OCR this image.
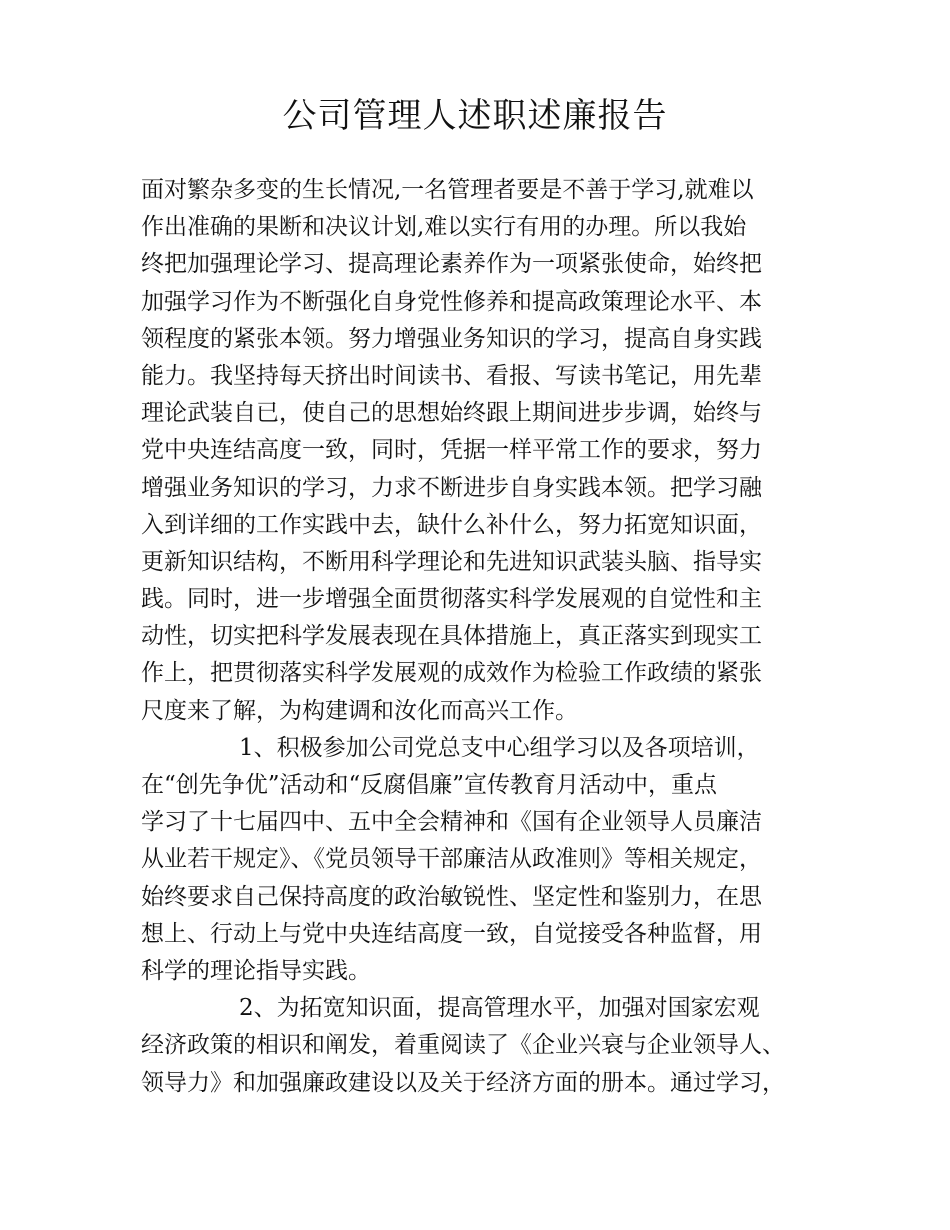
公司管理人述职述廉报告
面对繁杂多变的生长情况,一名管理者要是不善于学习,就难以
作出准确的果断和决议计划,难以实行有用的办理。所以我始
终把加强理论学习、提高理论素养作为一项紧张使命，始终把
加强学习作为不断强化自身党性修养和提高政策理论水平、本
领程度的紧张本领。努力增强业务知识的学习，提高自身实践
能力。我坚持每天挤出时间读书、看报、写读书笔记，用先辈
理论武装自已，使自己的思想始终跟上期间进步步调，始终与
党中央连结高度一致，同时，凭据一样平常工作的要求，努力
增强业务知识的学习，力求不断进步自身实践本领。把学习融
入到详细的工作实践中去，缺什么补什么，努力拓宽知识面，
更新知识结构，不断用科学理论和先进知识武装头脑、指导实
践。同时，进一步增强全面贯彻落实科学发展观的自觉性和主
动性，切实把科学发展表现在具体措施上，真正落实到现实工
作上，把贯彻落实科学发展观的成效作为检验工作政绩的紧张
尺度来了解，为构建调和汝化而高兴工作。
1、积极参加公司党总支中心组学习以及各项培训，
在“创先争优”活动和“反腐倡廉”宣传教育月活动中，重点
学习了十七届四中、五中全会精神和《国有企业领导人员廉洁
从业若干规定》、《党员领导干部廉洁从政准则》等相关规定，
始终要求自己保持高度的政治敏锐性、坚定性和鉴别力，在思
想上、行动上与党中央连结高度一致，自觉接受各种监督，用
科学的理论指导实践。
2、为拓宽知识面，提高管理水平，加强对国家宏观
经济政策的相识和阐发，着重阅读了《企业兴衰与企业领导人、
领导力》和加强廉政建设以及关于经济方面的册本。通过学习，
